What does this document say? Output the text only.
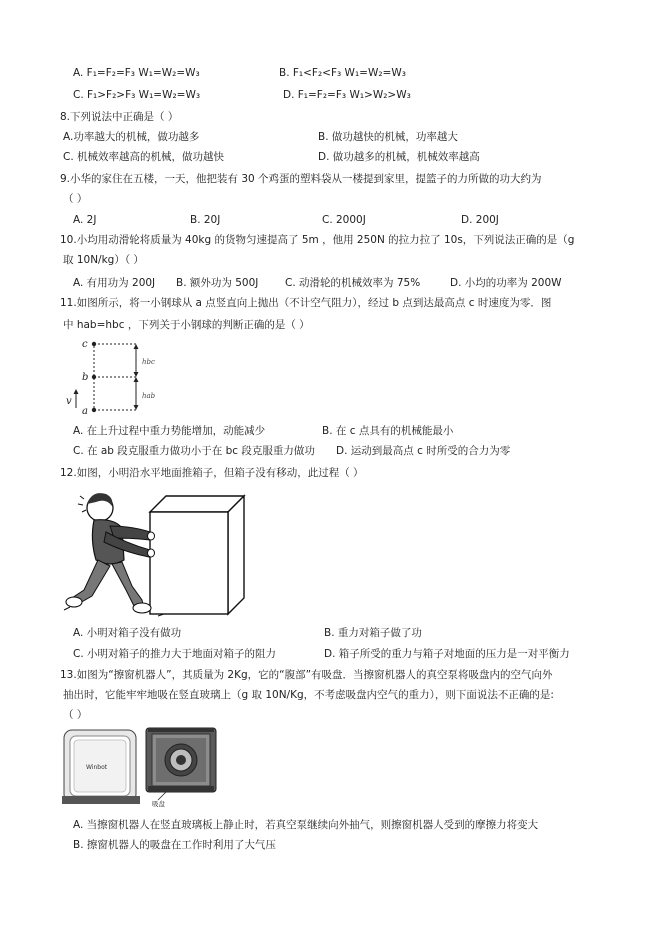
A. F₁=F₂=F₃ W₁=W₂=W₃	B. F₁<F₂<F₃ W₁=W₂=W₃
C. F₁>F₂>F₃ W₁=W₂=W₃	D. F₁=F₂=F₃ W₁>W₂>W₃
8.下列说法中正确是（ ）
A.功率越大的机械，做功越多	B. 做功越快的机械，功率越大
C. 机械效率越高的机械，做功越快	D. 做功越多的机械，机械效率越高
9.小华的家住在五楼，一天，他把装有 30 个鸡蛋的塑料袋从一楼提到家里，提篮子的力所做的功大约为
（ ）
A. 2J	B. 20J	C. 2000J	D. 200J
10.小均用动滑轮将质量为 40kg 的货物匀速提高了 5m ，他用 250N 的拉力拉了 10s，下列说法正确的是（g
取 10N/kg）（ ）
A. 有用功为 200J B. 额外功为 500J	C. 动滑轮的机械效率为 75%	D. 小均的功率为 200W
11.如图所示，将一小钢球从 a 点竖直向上抛出（不计空气阻力），经过 b 点到达最高点 c 时速度为零．图
中 hab=hbc ，下列关于小钢球的判断正确的是（ ）
c
b
a
v
hbc
hab
A. 在上升过程中重力势能增加，动能减少	B. 在 c 点具有的机械能最小
C. 在 ab 段克服重力做功小于在 bc 段克服重力做功 D. 运动到最高点 c 时所受的合力为零
12.如图，小明沿水平地面推箱子，但箱子没有移动，此过程（ ）
A. 小明对箱子没有做功	B. 重力对箱子做了功
C. 小明对箱子的推力大于地面对箱子的阻力	D. 箱子所受的重力与箱子对地面的压力是一对平衡力
13.如图为“擦窗机器人”，其质量为 2Kg，它的“腹部”有吸盘．当擦窗机器人的真空泵将吸盘内的空气向外
抽出时，它能牢牢地吸在竖直玻璃上（g 取 10N/Kg，不考虑吸盘内空气的重力），则下面说法不正确的是:
（ ）
Winbot
吸盘
A. 当擦窗机器人在竖直玻璃板上静止时，若真空泵继续向外抽气，则擦窗机器人受到的摩擦力将变大
B. 擦窗机器人的吸盘在工作时利用了大气压
